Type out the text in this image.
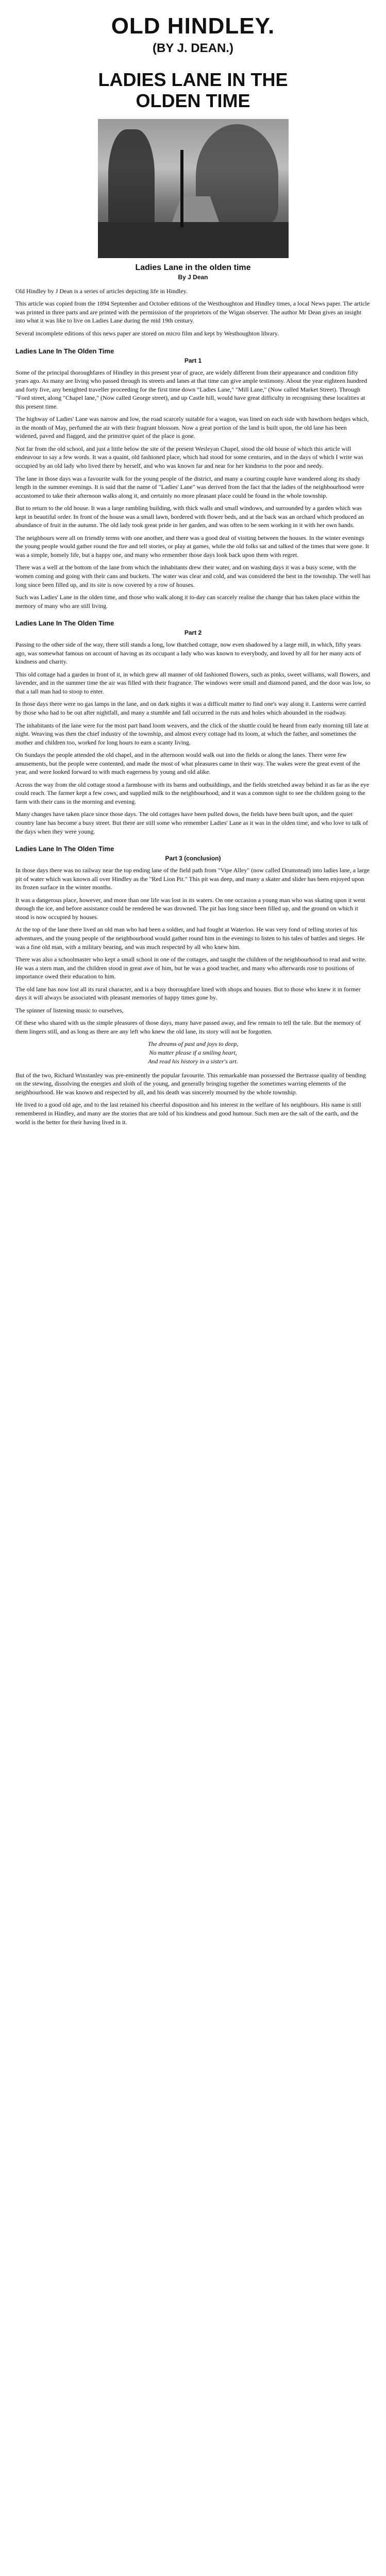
OLD HINDLEY.
(BY J. DEAN.)
LADIES LANE IN THE
OLDEN TIME
Ladies Lane in the olden time
By J Dean

Old Hindley by J Dean is a series of articles depicting life in Hindley.

This article was copied from the 1894 September and October editions of the Westhoughton and Hindley times, a local News paper. The article was printed in three parts and are printed with the permission of the proprietors of the Wigan observer. The author Mr Dean gives an insight into what it was like to live on Ladies Lane during the mid 19th century.

Several incomplete editions of this news paper are stored on micro film and kept by Westhoughton library.

Ladies Lane In The Olden Time
Part 1

Some of the principal thoroughfares of Hindley in this present year of grace, are widely different from their appearance and condition fifty years ago. As many are living who passed through its streets and lanes at that time can give ample testimony. About the year eighteen hundred and forty five, any benighted traveller proceeding for the first time down "Ladies Lane," "Mill Lane," (Now called Market Street). Through "Ford street, along "Chapel lane," (Now called George street), and up Castle hill, would have great difficulty in recognising these localities at this present time.

The highway of Ladies' Lane was narrow and low, the road scarcely suitable for a wagon, was lined on each side with hawthorn hedges which, in the month of May, perfumed the air with their fragrant blossom. Now a great portion of the land is built upon, the old lane has been widened, paved and flagged, and the primitive quiet of the place is gone.

Not far from the old school, and just a little below the site of the present Wesleyan Chapel, stood the old house of which this article will endeavour to say a few words. It was a quaint, old fashioned place, which had stood for some centuries, and in the days of which I write was occupied by an old lady who lived there by herself, and who was known far and near for her kindness to the poor and needy.

The lane in those days was a favourite walk for the young people of the district, and many a courting couple have wandered along its shady length in the summer evenings. It is said that the name of "Ladies' Lane" was derived from the fact that the ladies of the neighbourhood were accustomed to take their afternoon walks along it, and certainly no more pleasant place could be found in the whole township.

But to return to the old house. It was a large rambling building, with thick walls and small windows, and surrounded by a garden which was kept in beautiful order. In front of the house was a small lawn, bordered with flower beds, and at the back was an orchard which produced an abundance of fruit in the autumn. The old lady took great pride in her garden, and was often to be seen working in it with her own hands.

The neighbours were all on friendly terms with one another, and there was a good deal of visiting between the houses. In the winter evenings the young people would gather round the fire and tell stories, or play at games, while the old folks sat and talked of the times that were gone. It was a simple, homely life, but a happy one, and many who remember those days look back upon them with regret.

There was a well at the bottom of the lane from which the inhabitants drew their water, and on washing days it was a busy scene, with the women coming and going with their cans and buckets. The water was clear and cold, and was considered the best in the township. The well has long since been filled up, and its site is now covered by a row of houses.

Such was Ladies' Lane in the olden time, and those who walk along it to-day can scarcely realise the change that has taken place within the memory of many who are still living.

Ladies Lane In The Olden Time
Part 2

Passing to the other side of the way, there still stands a long, low thatched cottage, now even shadowed by a large mill, in which, fifty years ago, was somewhat famous on account of having as its occupant a lady who was known to everybody, and loved by all for her many acts of kindness and charity.

This old cottage had a garden in front of it, in which grew all manner of old fashioned flowers, such as pinks, sweet williams, wall flowers, and lavender, and in the summer time the air was filled with their fragrance. The windows were small and diamond paned, and the door was low, so that a tall man had to stoop to enter.

In those days there were no gas lamps in the lane, and on dark nights it was a difficult matter to find one's way along it. Lanterns were carried by those who had to be out after nightfall, and many a stumble and fall occurred in the ruts and holes which abounded in the roadway.

The inhabitants of the lane were for the most part hand loom weavers, and the click of the shuttle could be heard from early morning till late at night. Weaving was then the chief industry of the township, and almost every cottage had its loom, at which the father, and sometimes the mother and children too, worked for long hours to earn a scanty living.

On Sundays the people attended the old chapel, and in the afternoon would walk out into the fields or along the lanes. There were few amusements, but the people were contented, and made the most of what pleasures came in their way. The wakes were the great event of the year, and were looked forward to with much eagerness by young and old alike.

Across the way from the old cottage stood a farmhouse with its barns and outbuildings, and the fields stretched away behind it as far as the eye could reach. The farmer kept a few cows, and supplied milk to the neighbourhood, and it was a common sight to see the children going to the farm with their cans in the morning and evening.

Many changes have taken place since those days. The old cottages have been pulled down, the fields have been built upon, and the quiet country lane has become a busy street. But there are still some who remember Ladies' Lane as it was in the olden time, and who love to talk of the days when they were young.

Ladies Lane In The Olden Time
Part 3 (conclusion)

In those days there was no railway near the top ending lane of the field path from "Vipe Alley" (now called Drumstead) into ladies lane, a large pit of water which was known all over Hindley as the "Red Lion Pit." This pit was deep, and many a skater and slider has been enjoyed upon its frozen surface in the winter months.

It was a dangerous place, however, and more than one life was lost in its waters. On one occasion a young man who was skating upon it went through the ice, and before assistance could be rendered he was drowned. The pit has long since been filled up, and the ground on which it stood is now occupied by houses.

At the top of the lane there lived an old man who had been a soldier, and had fought at Waterloo. He was very fond of telling stories of his adventures, and the young people of the neighbourhood would gather round him in the evenings to listen to his tales of battles and sieges. He was a fine old man, with a military bearing, and was much respected by all who knew him.

There was also a schoolmaster who kept a small school in one of the cottages, and taught the children of the neighbourhood to read and write. He was a stern man, and the children stood in great awe of him, but he was a good teacher, and many who afterwards rose to positions of importance owed their education to him.

The old lane has now lost all its rural character, and is a busy thoroughfare lined with shops and houses. But to those who knew it in former days it will always be associated with pleasant memories of happy times gone by.

The spinner of listening music to ourselves,

Of these who shared with us the simple pleasures of those days, many have passed away, and few remain to tell the tale. But the memory of them lingers still, and as long as there are any left who knew the old lane, its story will not be forgotten.

The dreams of past and joys to deep,
No matter please if a smiling heart,
And read his history in a sister's art.

But of the two, Richard Winstanley was pre-eminently the popular favourite. This remarkable man possessed the Bertrasse quality of bending on the stewing, dissolving the energies and sloth of the young, and generally bringing together the sometimes warring elements of the neighbourhood. He was known and respected by all, and his death was sincerely mourned by the whole township.

He lived to a good old age, and to the last retained his cheerful disposition and his interest in the welfare of his neighbours. His name is still remembered in Hindley, and many are the stories that are told of his kindness and good humour. Such men are the salt of the earth, and the world is the better for their having lived in it.
